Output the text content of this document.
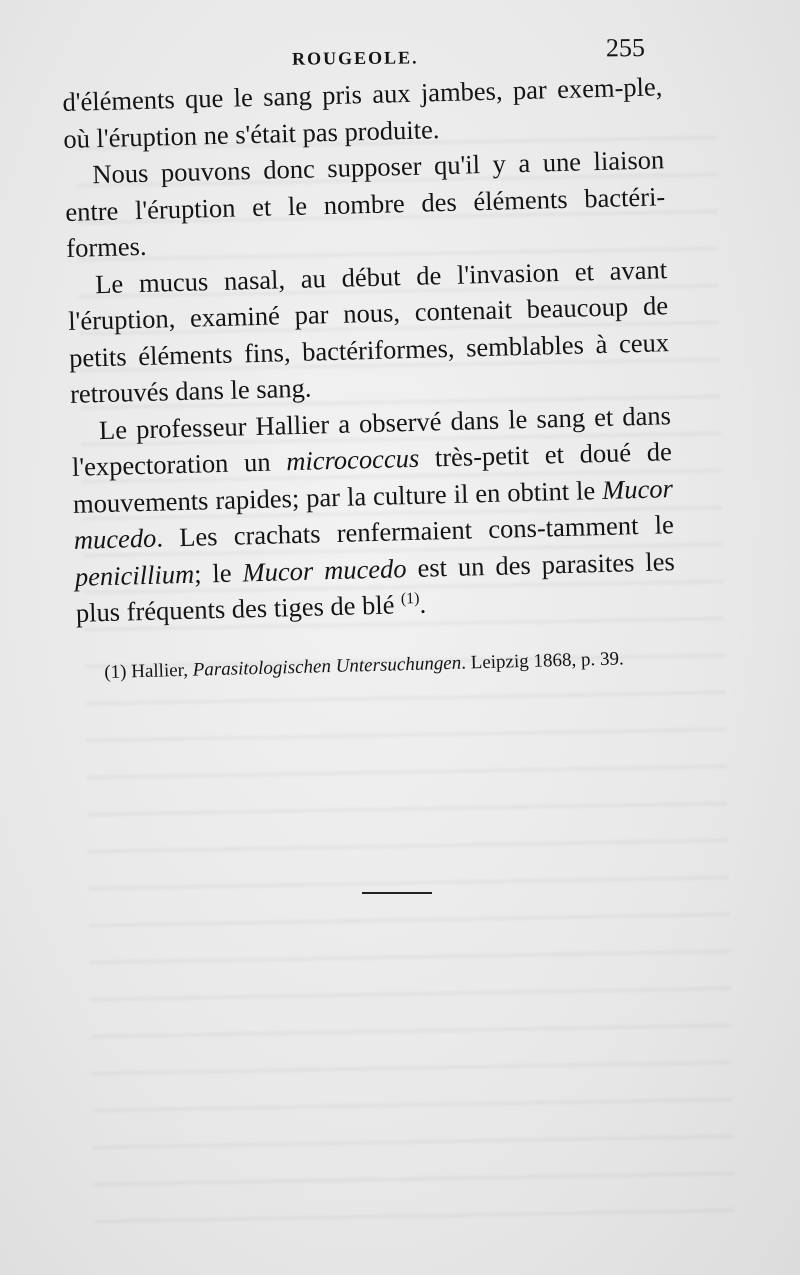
ROUGEOLE.	255

d'éléments que le sang pris aux jambes, par exem-ple, où l'éruption ne s'était pas produite.

Nous pouvons donc supposer qu'il y a une liaison entre l'éruption et le nombre des éléments bactéri-formes.

Le mucus nasal, au début de l'invasion et avant l'éruption, examiné par nous, contenait beaucoup de petits éléments fins, bactériformes, semblables à ceux retrouvés dans le sang.

Le professeur Hallier a observé dans le sang et dans l'expectoration un micrococcus très-petit et doué de mouvements rapides; par la culture il en obtint le Mucor mucedo. Les crachats renfermaient cons-tamment le penicillium; le Mucor mucedo est un des parasites les plus fréquents des tiges de blé $^{(1)}$.

(1) Hallier, Parasitologischen Untersuchungen. Leipzig 1868, p. 39.
